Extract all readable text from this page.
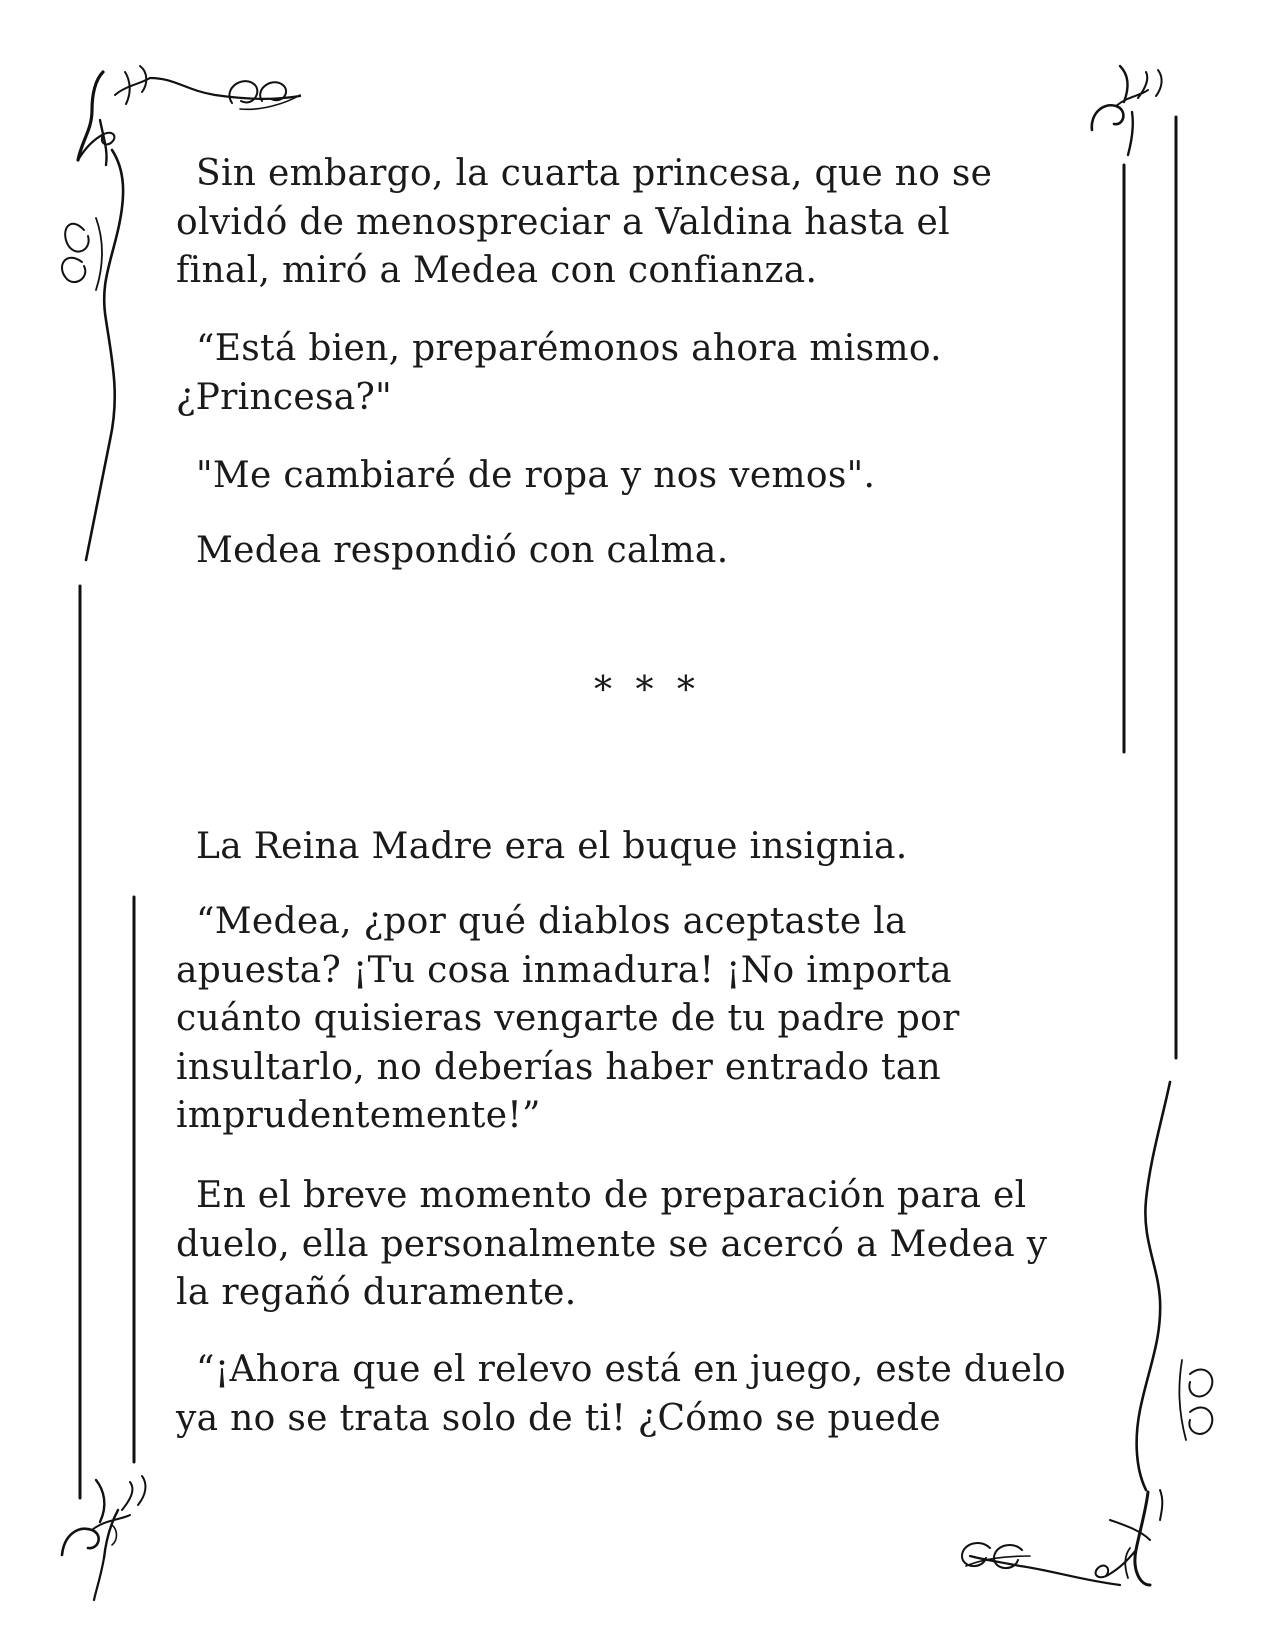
Sin embargo, la cuarta princesa, que no se

olvidó de menospreciar a Valdina hasta el

final, miró a Medea con confianza.

“Está bien, preparémonos ahora mismo.

¿Princesa?"

"Me cambiaré de ropa y nos vemos".

Medea respondió con calma.

* * *

La Reina Madre era el buque insignia.

“Medea, ¿por qué diablos aceptaste la

apuesta? ¡Tu cosa inmadura! ¡No importa

cuánto quisieras vengarte de tu padre por

insultarlo, no deberías haber entrado tan

imprudentemente!”

En el breve momento de preparación para el

duelo, ella personalmente se acercó a Medea y

la regañó duramente.

“¡Ahora que el relevo está en juego, este duelo

ya no se trata solo de ti! ¿Cómo se puede
